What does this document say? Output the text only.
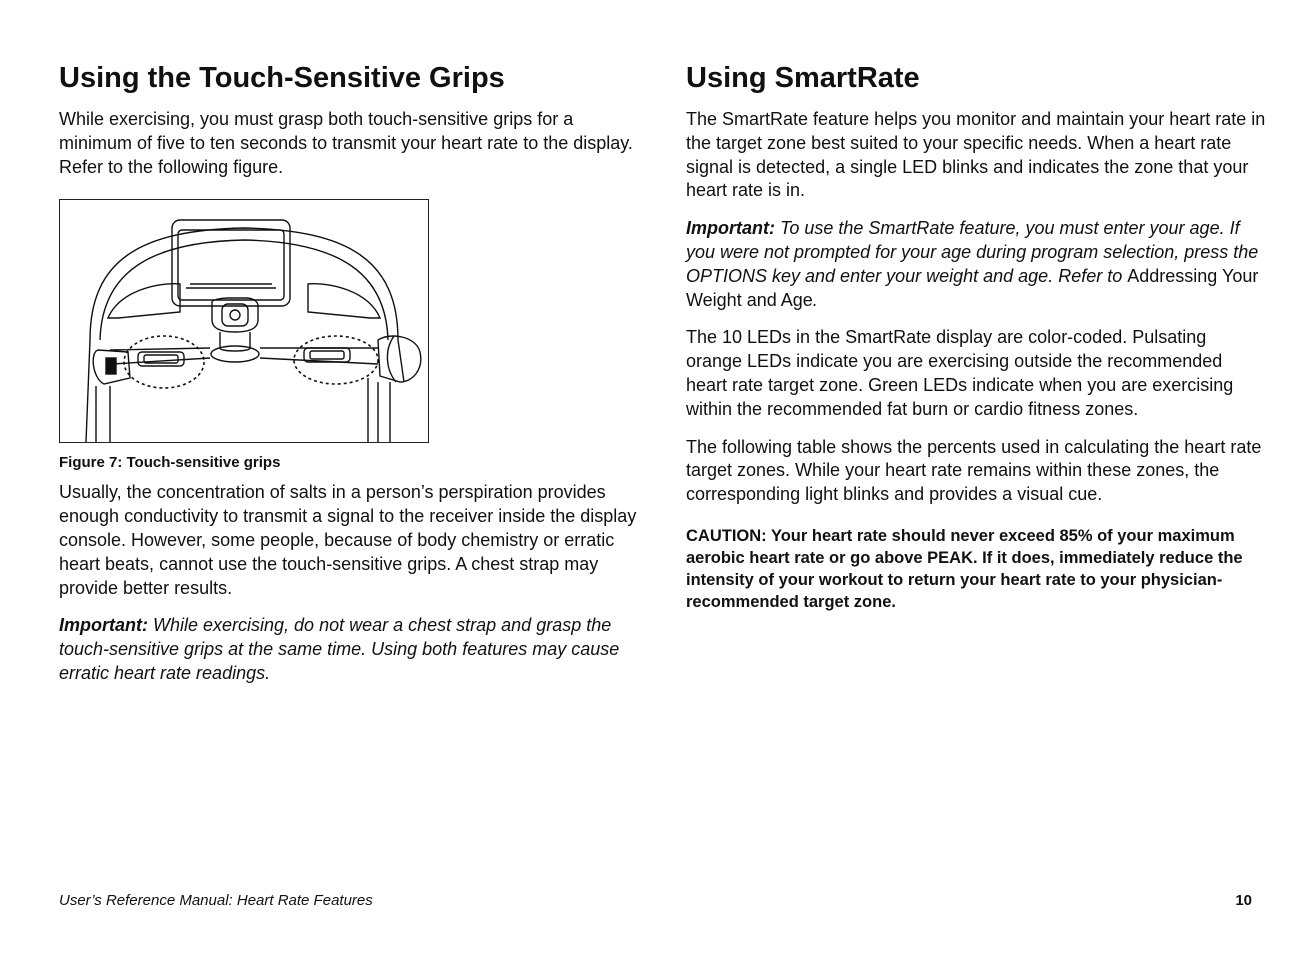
Using the Touch-Sensitive Grips

While exercising, you must grasp both touch-sensitive grips for a minimum of five to ten seconds to transmit your heart rate to the display. Refer to the following figure.

Figure 7: Touch-sensitive grips

Usually, the concentration of salts in a person’s perspiration provides enough conductivity to transmit a signal to the receiver inside the display console. However, some people, because of body chemistry or erratic heart beats, cannot use the touch-sensitive grips. A chest strap may provide better results.

Important: While exercising, do not wear a chest strap and grasp the touch-sensitive grips at the same time. Using both features may cause erratic heart rate readings.

Using SmartRate

The SmartRate feature helps you monitor and maintain your heart rate in the target zone best suited to your specific needs. When a heart rate signal is detected, a single LED blinks and indicates the zone that your heart rate is in.

Important: To use the SmartRate feature, you must enter your age. If you were not prompted for your age during program selection, press the OPTIONS key and enter your weight and age. Refer to Addressing Your Weight and Age.

The 10 LEDs in the SmartRate display are color-coded. Pulsating orange LEDs indicate you are exercising outside the recommended heart rate target zone. Green LEDs indicate when you are exercising within the recommended fat burn or cardio fitness zones.

The following table shows the percents used in calculating the heart rate target zones. While your heart rate remains within these zones, the corresponding light blinks and provides a visual cue.

CAUTION: Your heart rate should never exceed 85% of your maximum aerobic heart rate or go above PEAK. If it does, immediately reduce the intensity of your workout to return your heart rate to your physician-recommended target zone.

User’s Reference Manual: Heart Rate Features	10
